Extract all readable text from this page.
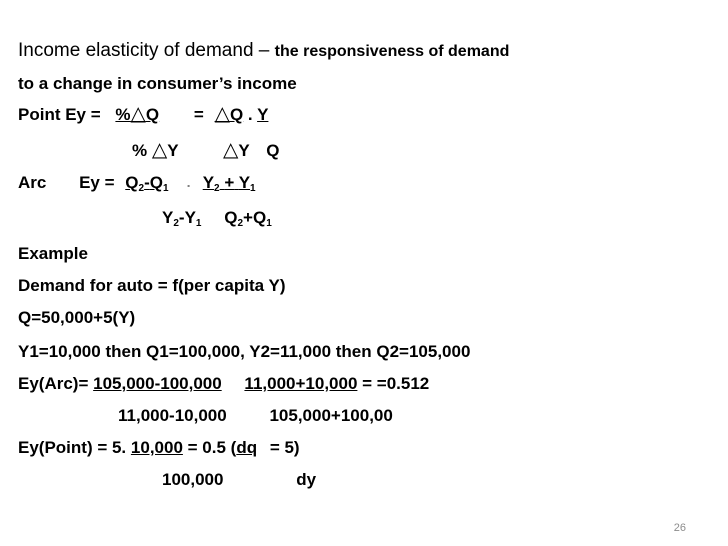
Income elasticity of demand – the responsiveness of demand
to a change in consumer’s income
Point Ey = %△Q = △Q . Y
% △Y △Y Q
Arc $Ey = Q_2-Q_1 - Y_2 + Y_1$
$Y_2-Y_1$ $Q_2+Q_1$
Example
Demand for auto = f(per capita Y)
Q=50,000+5(Y)
Y1=10,000 then Q1=100,000, Y2=11,000 then Q2=105,000
Ey(Arc)= 105,000-100,000 11,000+10,000 = =0.512
11,000-10,000	105,000+100,00
Ey(Point) = 5. 10,000 = 0.5 (dq = 5)
100,000	dy
26
